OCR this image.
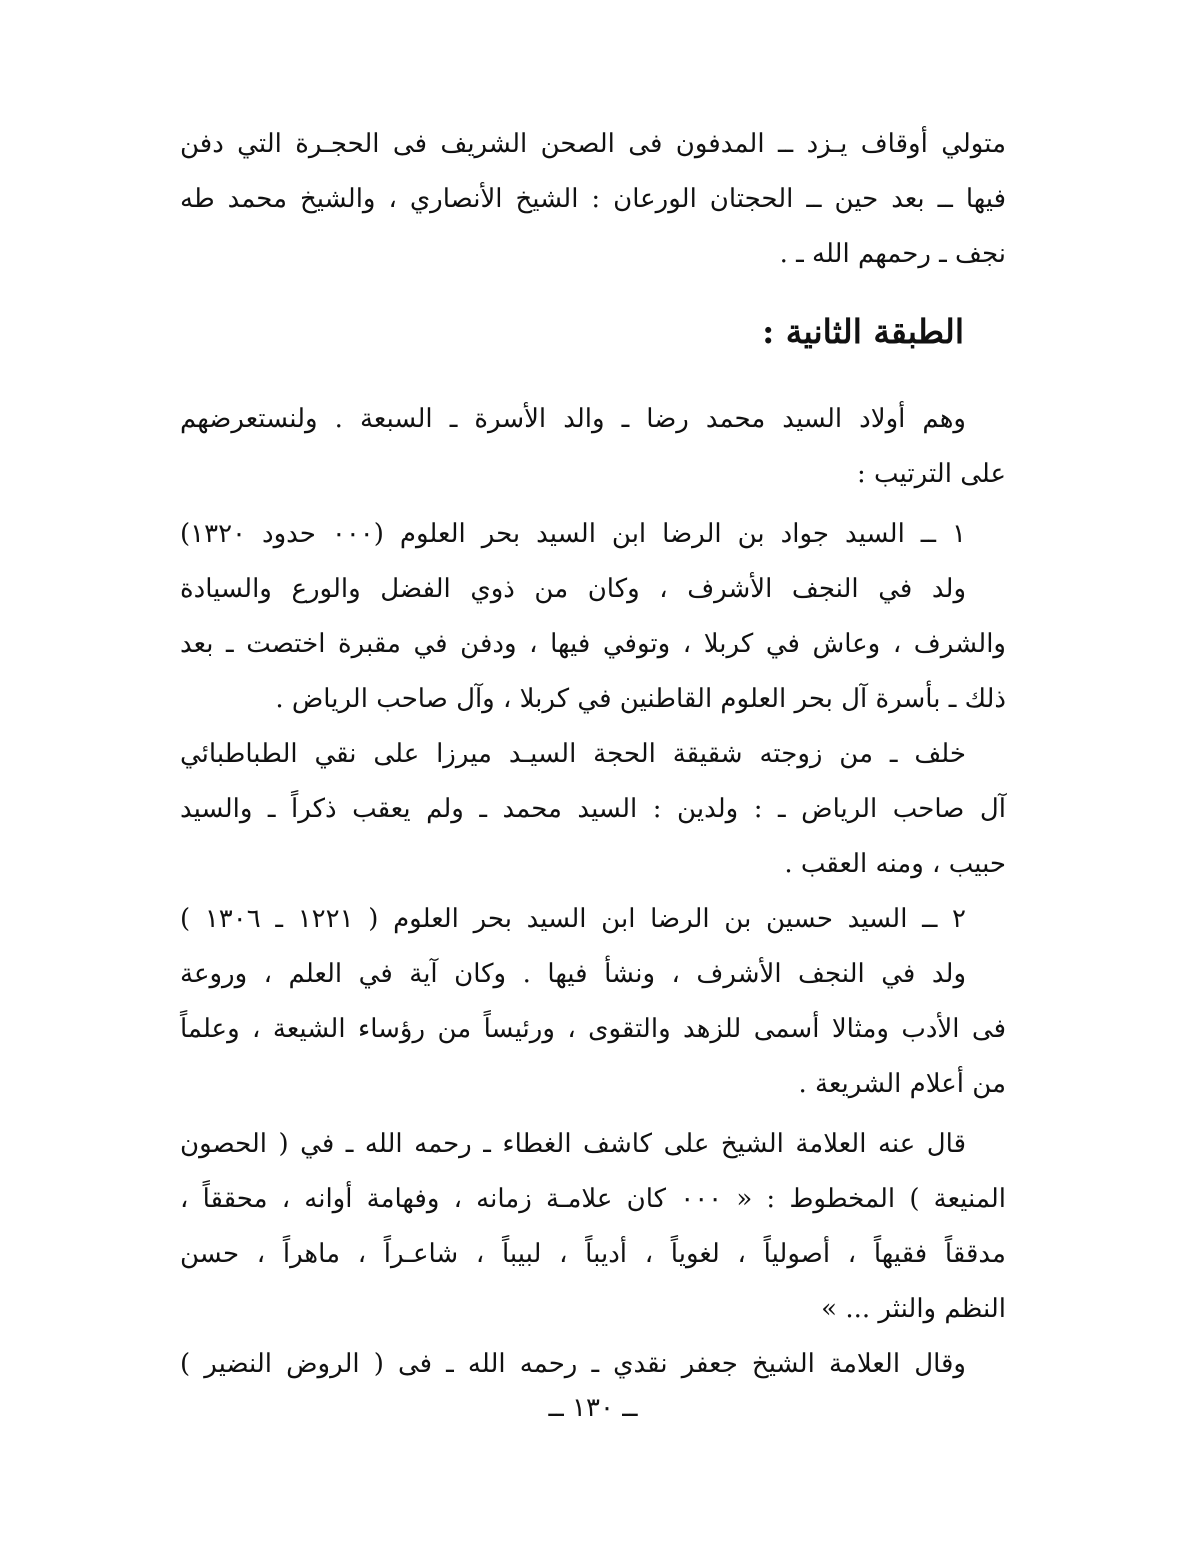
متولي أوقاف يـزد ــ المدفون فى الصحن الشريف فى الحجـرة التي دفن
فيها ــ بعد حين ــ الحجتان الورعان : الشيخ الأنصاري ، والشيخ محمد طه
نجف ـ رحمهم الله ـ .
الطبقة الثانية :
وهم أولاد السيد محمد رضا ـ والد الأسرة ـ السبعة . ولنستعرضهم
على الترتيب :
١ ــ السيد جواد بن الرضا ابن السيد بحر العلوم (٠٠٠ حدود ١٣٢٠)
ولد في النجف الأشرف ، وكان من ذوي الفضل والورع والسيادة
والشرف ، وعاش في كربلا ، وتوفي فيها ، ودفن في مقبرة اختصت ـ بعد
ذلك ـ بأسرة آل بحر العلوم القاطنين في كربلا ، وآل صاحب الرياض .
خلف ـ من زوجته شقيقة الحجة السيـد ميرزا على نقي الطباطبائي
آل صاحب الرياض ـ : ولدين : السيد محمد ـ ولم يعقب ذكراً ـ والسيد
حبيب ، ومنه العقب .
٢ ــ السيد حسين بن الرضا ابن السيد بحر العلوم ( ١٢٢١ ـ ١٣٠٦ )
ولد في النجف الأشرف ، ونشأ فيها . وكان آية في العلم ، وروعة
فى الأدب ومثالا أسمى للزهد والتقوى ، ورئيساً من رؤساء الشيعة ، وعلماً
من أعلام الشريعة .
قال عنه العلامة الشيخ على كاشف الغطاء ـ رحمه الله ـ في ( الحصون
المنيعة ) المخطوط : « ٠٠٠ كان علامـة زمانه ، وفهامة أوانه ، محققاً ،
مدققاً فقيهاً ، أصولياً ، لغوياً ، أديباً ، لبيباً ، شاعـراً ، ماهراً ، حسن
النظم والنثر ... »
وقال العلامة الشيخ جعفر نقدي ـ رحمه الله ـ فى ( الروض النضير )
ــ ١٣٠ ــ
